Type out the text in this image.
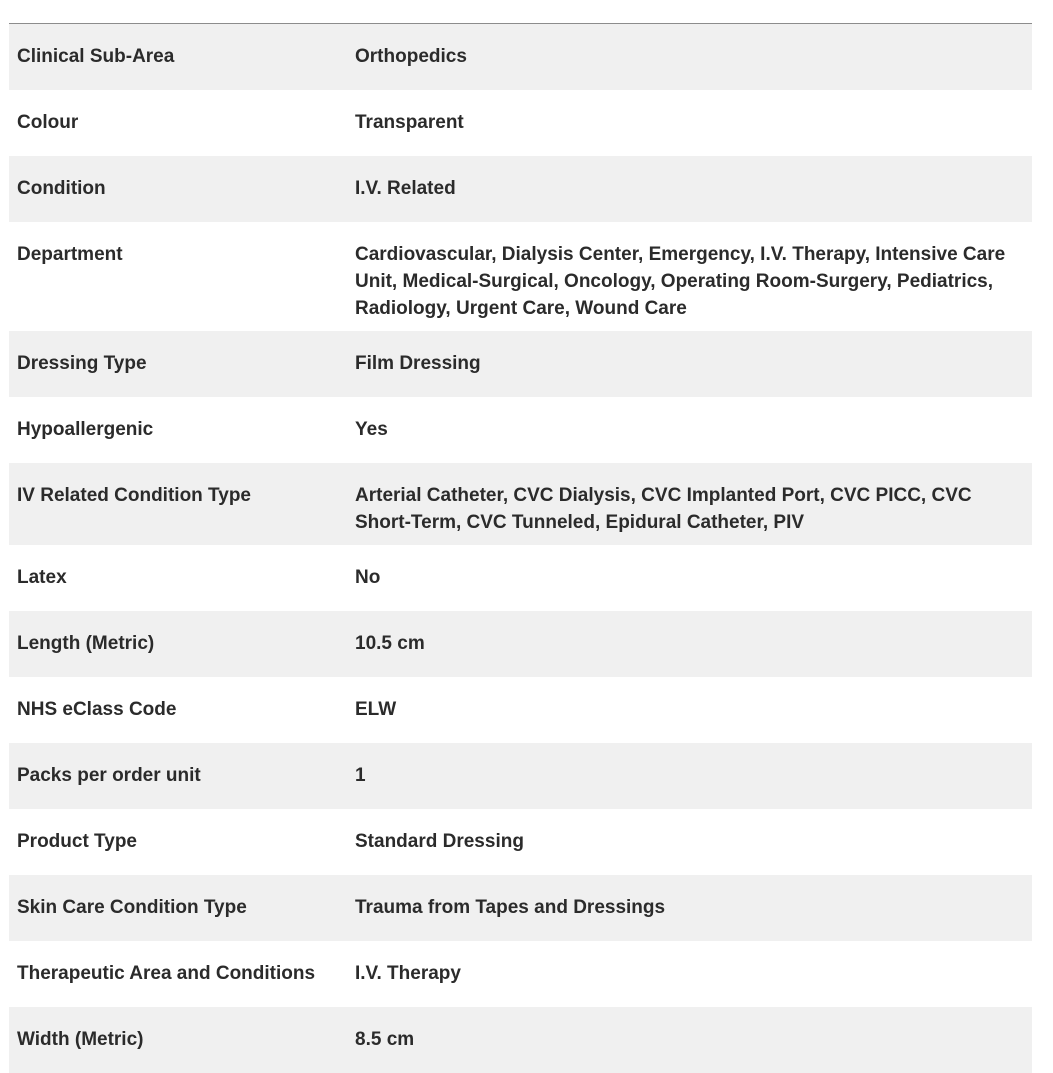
Clinical Sub-Area	Orthopedics
Colour	Transparent
Condition	I.V. Related
Department	Cardiovascular, Dialysis Center, Emergency, I.V. Therapy, Intensive Care Unit, Medical-Surgical, Oncology, Operating Room-Surgery, Pediatrics, Radiology, Urgent Care, Wound Care
Dressing Type	Film Dressing
Hypoallergenic	Yes
IV Related Condition Type	Arterial Catheter, CVC Dialysis, CVC Implanted Port, CVC PICC, CVC Short-Term, CVC Tunneled, Epidural Catheter, PIV
Latex	No
Length (Metric)	10.5 cm
NHS eClass Code	ELW
Packs per order unit	1
Product Type	Standard Dressing
Skin Care Condition Type	Trauma from Tapes and Dressings
Therapeutic Area and Conditions	I.V. Therapy
Width (Metric)	8.5 cm
